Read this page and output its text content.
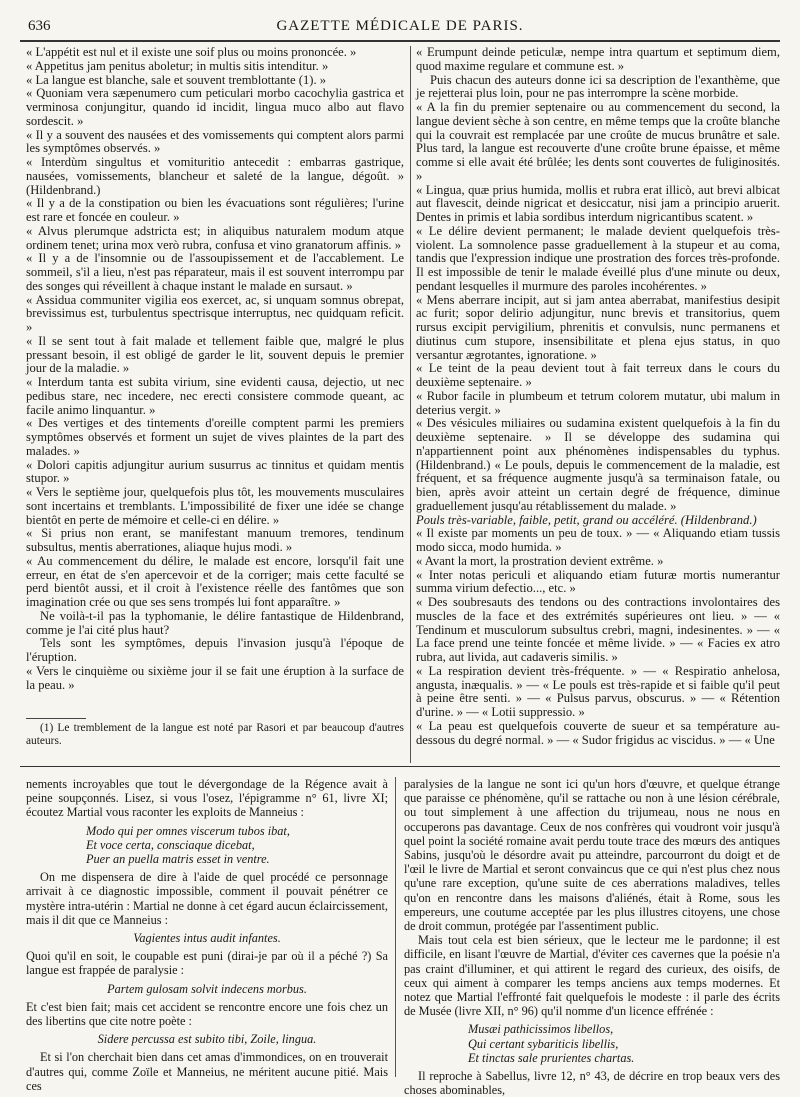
636	GAZETTE MÉDICALE DE PARIS.

« L'appétit est nul et il existe une soif plus ou moins prononcée. »

« Appetitus jam penitus aboletur; in multis sitis intenditur. »

« La langue est blanche, sale et souvent tremblottante (1). »

« Quoniam vera sæpenumero cum peticulari morbo cacochylia gastrica et verminosa conjungitur, quando id incidit, lingua muco albo aut flavo sordescit. »

« Il y a souvent des nausées et des vomissements qui comptent alors parmi les symptômes observés. »

« Interdùm singultus et vomituritio antecedit : embarras gastrique, nausées, vomissements, blancheur et saleté de la langue, dégoût. » (Hildenbrand.)

« Il y a de la constipation ou bien les évacuations sont régulières; l'urine est rare et foncée en couleur. »

« Alvus plerumque adstricta est; in aliquibus naturalem modum atque ordinem tenet; urina mox verò rubra, confusa et vino granatorum affinis. »

« Il y a de l'insomnie ou de l'assoupissement et de l'accablement. Le sommeil, s'il a lieu, n'est pas réparateur, mais il est souvent interrompu par des songes qui réveillent à chaque instant le malade en sursaut. »

« Assidua communiter vigilia eos exercet, ac, si unquam somnus obrepat, brevissimus est, turbulentus spectrisque interruptus, nec quidquam reficit. »

« Il se sent tout à fait malade et tellement faible que, malgré le plus pressant besoin, il est obligé de garder le lit, souvent depuis le premier jour de la maladie. »

« Interdum tanta est subita virium, sine evidenti causa, dejectio, ut nec pedibus stare, nec incedere, nec erecti consistere commode queant, ac facile animo linquantur. »

« Des vertiges et des tintements d'oreille comptent parmi les premiers symptômes observés et forment un sujet de vives plaintes de la part des malades. »

« Dolori capitis adjungitur aurium susurrus ac tinnitus et quidam mentis stupor. »

« Vers le septième jour, quelquefois plus tôt, les mouvements musculaires sont incertains et tremblants. L'impossibilité de fixer une idée se change bientôt en perte de mémoire et celle-ci en délire. »

« Si prius non erant, se manifestant manuum tremores, tendinum subsultus, mentis aberrationes, aliaque hujus modi. »

« Au commencement du délire, le malade est encore, lorsqu'il fait une erreur, en état de s'en apercevoir et de la corriger; mais cette faculté se perd bientôt aussi, et il croit à l'existence réelle des fantômes que son imagination crée ou que ses sens trompés lui font apparaître. »

Ne voilà-t-il pas la typhomanie, le délire fantastique de Hildenbrand, comme je l'ai cité plus haut?

Tels sont les symptômes, depuis l'invasion jusqu'à l'époque de l'éruption.

« Vers le cinquième ou sixième jour il se fait une éruption à la surface de la peau. »

(1) Le tremblement de la langue est noté par Rasori et par beaucoup d'autres auteurs.

« Erumpunt deinde peticulæ, nempe intra quartum et septimum diem, quod maxime regulare et commune est. »

Puis chacun des auteurs donne ici sa description de l'exanthème, que je rejetterai plus loin, pour ne pas interrompre la scène morbide.

« A la fin du premier septenaire ou au commencement du second, la langue devient sèche à son centre, en même temps que la croûte blanche qui la couvrait est remplacée par une croûte de mucus brunâtre et sale. Plus tard, la langue est recouverte d'une croûte brune épaisse, et même comme si elle avait été brûlée; les dents sont couvertes de fuliginosités. »

« Lingua, quæ prius humida, mollis et rubra erat illicò, aut brevi albicat aut flavescit, deinde nigricat et desiccatur, nisi jam a principio aruerit. Dentes in primis et labia sordibus interdum nigricantibus scatent. »

« Le délire devient permanent; le malade devient quelquefois très-violent. La somnolence passe graduellement à la stupeur et au coma, tandis que l'expression indique une prostration des forces très-profonde. Il est impossible de tenir le malade éveillé plus d'une minute ou deux, pendant lesquelles il murmure des paroles incohérentes. »

« Mens aberrare incipit, aut si jam antea aberrabat, manifestius desipit ac furit; sopor delirio adjungitur, nunc brevis et transitorius, quem rursus excipit pervigilium, phrenitis et convulsis, nunc permanens et diutinus cum stupore, insensibilitate et plena ejus status, in quo versantur ægrotantes, ignoratione. »

« Le teint de la peau devient tout à fait terreux dans le cours du deuxième septenaire. »

« Rubor facile in plumbeum et tetrum colorem mutatur, ubi malum in deterius vergit. »

« Des vésicules miliaires ou sudamina existent quelquefois à la fin du deuxième septenaire. » Il se développe des sudamina qui n'appartiennent point aux phénomènes indispensables du typhus. (Hildenbrand.) « Le pouls, depuis le commencement de la maladie, est fréquent, et sa fréquence augmente jusqu'à sa terminaison fatale, ou bien, après avoir atteint un certain degré de fréquence, diminue graduellement jusqu'au rétablissement du malade. »

Pouls très-variable, faible, petit, grand ou accéléré. (Hildenbrand.)

« Il existe par moments un peu de toux. » — « Aliquando etiam tussis modo sicca, modo humida. »

« Avant la mort, la prostration devient extrême. »

« Inter notas periculi et aliquando etiam futuræ mortis numerantur summa virium defectio..., etc. »

« Des soubresauts des tendons ou des contractions involontaires des muscles de la face et des extrémités supérieures ont lieu. » — « Tendinum et musculorum subsultus crebri, magni, indesinentes. » — « La face prend une teinte foncée et même livide. » — « Facies ex atro rubra, aut livida, aut cadaveris similis. »

« La respiration devient très-fréquente. » — « Respiratio anhelosa, angusta, inæqualis. » — « Le pouls est très-rapide et si faible qu'il peut à peine être senti. » — « Pulsus parvus, obscurus. » — « Rétention d'urine. » — « Lotii suppressio. »

« La peau est quelquefois couverte de sueur et sa température au-dessous du degré normal. » — « Sudor frigidus ac viscidus. » — « Une

nements incroyables que tout le dévergondage de la Régence avait à peine soupçonnés. Lisez, si vous l'osez, l'épigramme n° 61, livre XI; écoutez Martial vous raconter les exploits de Manneius :

Modo qui per omnes viscerum tubos ibat,

Et voce certa, consciaque dicebat,

Puer an puella matris esset in ventre.

On me dispensera de dire à l'aide de quel procédé ce personnage arrivait à ce diagnostic impossible, comment il pouvait pénétrer ce mystère intra-utérin : Martial ne donne à cet égard aucun éclaircissement, mais il dit que ce Manneius :

Vagientes intus audit infantes.

Quoi qu'il en soit, le coupable est puni (dirai-je par où il a péché ?) Sa langue est frappée de paralysie :

Partem gulosam solvit indecens morbus.

Et c'est bien fait; mais cet accident se rencontre encore une fois chez un des libertins que cite notre poète :

Sidere percussa est subito tibi, Zoile, lingua.

Et si l'on cherchait bien dans cet amas d'immondices, on en trouverait d'autres qui, comme Zoïle et Manneius, ne méritent aucune pitié. Mais ces

paralysies de la langue ne sont ici qu'un hors d'œuvre, et quelque étrange que paraisse ce phénomène, qu'il se rattache ou non à une lésion cérébrale, ou tout simplement à une affection du trijumeau, nous ne nous en occuperons pas davantage. Ceux de nos confrères qui voudront voir jusqu'à quel point la société romaine avait perdu toute trace des mœurs des antiques Sabins, jusqu'où le désordre avait pu atteindre, parcourront du doigt et de l'œil le livre de Martial et seront convaincus que ce qui n'est plus chez nous qu'une rare exception, qu'une suite de ces aberrations maladives, telles qu'on en rencontre dans les maisons d'aliénés, était à Rome, sous les empereurs, une coutume acceptée par les plus illustres citoyens, une chose de droit commun, protégée par l'assentiment public.

Mais tout cela est bien sérieux, que le lecteur me le pardonne; il est difficile, en lisant l'œuvre de Martial, d'éviter ces cavernes que la poésie n'a pas craint d'illuminer, et qui attirent le regard des curieux, des oisifs, de ceux qui aiment à comparer les temps anciens aux temps modernes. Et notez que Martial l'effronté fait quelquefois le modeste : il parle des écrits de Musée (livre XII, n° 96) qu'il nomme d'un licence effrénée :

Musæi pathicissimos libellos,

Qui certant sybariticis libellis,

Et tinctas sale prurientes chartas.

Il reproche à Sabellus, livre 12, n° 43, de décrire en trop beaux vers des choses abominables,
